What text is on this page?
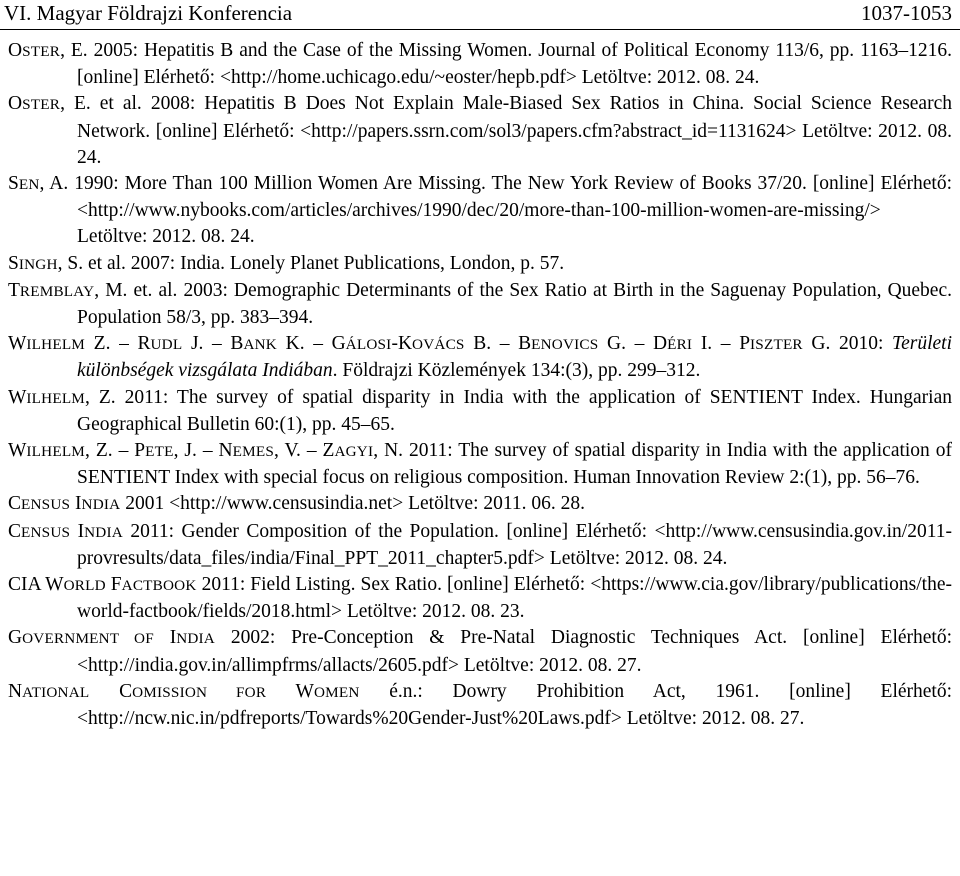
VI. Magyar Földrajzi Konferencia	1037-1053

OSTER, E. 2005: Hepatitis B and the Case of the Missing Women. Journal of Political Economy 113/6, pp. 1163–1216. [online] Elérhető: <http://home.uchicago.edu/~eoster/hepb.pdf> Letöltve: 2012. 08. 24.

OSTER, E. et al. 2008: Hepatitis B Does Not Explain Male-Biased Sex Ratios in China. Social Science Research Network. [online] Elérhető: <http://papers.ssrn.com/sol3/papers.cfm?abstract_id=1131624> Letöltve: 2012. 08. 24.

SEN, A. 1990: More Than 100 Million Women Are Missing. The New York Review of Books 37/20. [online] Elérhető: <http://www.nybooks.com/articles/archives/1990/dec/20/more-than-100-million-women-are-missing/> Letöltve: 2012. 08. 24.

SINGH, S. et al. 2007: India. Lonely Planet Publications, London, p. 57.

TREMBLAY, M. et. al. 2003: Demographic Determinants of the Sex Ratio at Birth in the Saguenay Population, Quebec. Population 58/3, pp. 383–394.

WILHELM Z. – RUDL J. – BANK K. – GÁLOSI-KOVÁCS B. – BENOVICS G. – DÉRI I. – PISZTER G. 2010: Területi különbségek vizsgálata Indiában. Földrajzi Közlemények 134:(3), pp. 299–312.

WILHELM, Z. 2011: The survey of spatial disparity in India with the application of SENTIENT Index. Hungarian Geographical Bulletin 60:(1), pp. 45–65.

WILHELM, Z. – PETE, J. – NEMES, V. – ZAGYI, N. 2011: The survey of spatial disparity in India with the application of SENTIENT Index with special focus on religious composition. Human Innovation Review 2:(1), pp. 56–76.

CENSUS INDIA 2001 <http://www.censusindia.net> Letöltve: 2011. 06. 28.

CENSUS INDIA 2011: Gender Composition of the Population. [online] Elérhető: <http://www.censusindia.gov.in/2011-provresults/data_files/india/Final_PPT_2011_chapter5.pdf> Letöltve: 2012. 08. 24.

CIA WORLD FACTBOOK 2011: Field Listing. Sex Ratio. [online] Elérhető: <https://www.cia.gov/library/publications/the-world-factbook/fields/2018.html> Letöltve: 2012. 08. 23.

GOVERNMENT OF INDIA 2002: Pre-Conception & Pre-Natal Diagnostic Techniques Act. [online] Elérhető: <http://india.gov.in/allimpfrms/allacts/2605.pdf> Letöltve: 2012. 08. 27.

NATIONAL COMISSION FOR WOMEN é.n.: Dowry Prohibition Act, 1961. [online] Elérhető: <http://ncw.nic.in/pdfreports/Towards%20Gender-Just%20Laws.pdf> Letöltve: 2012. 08. 27.
